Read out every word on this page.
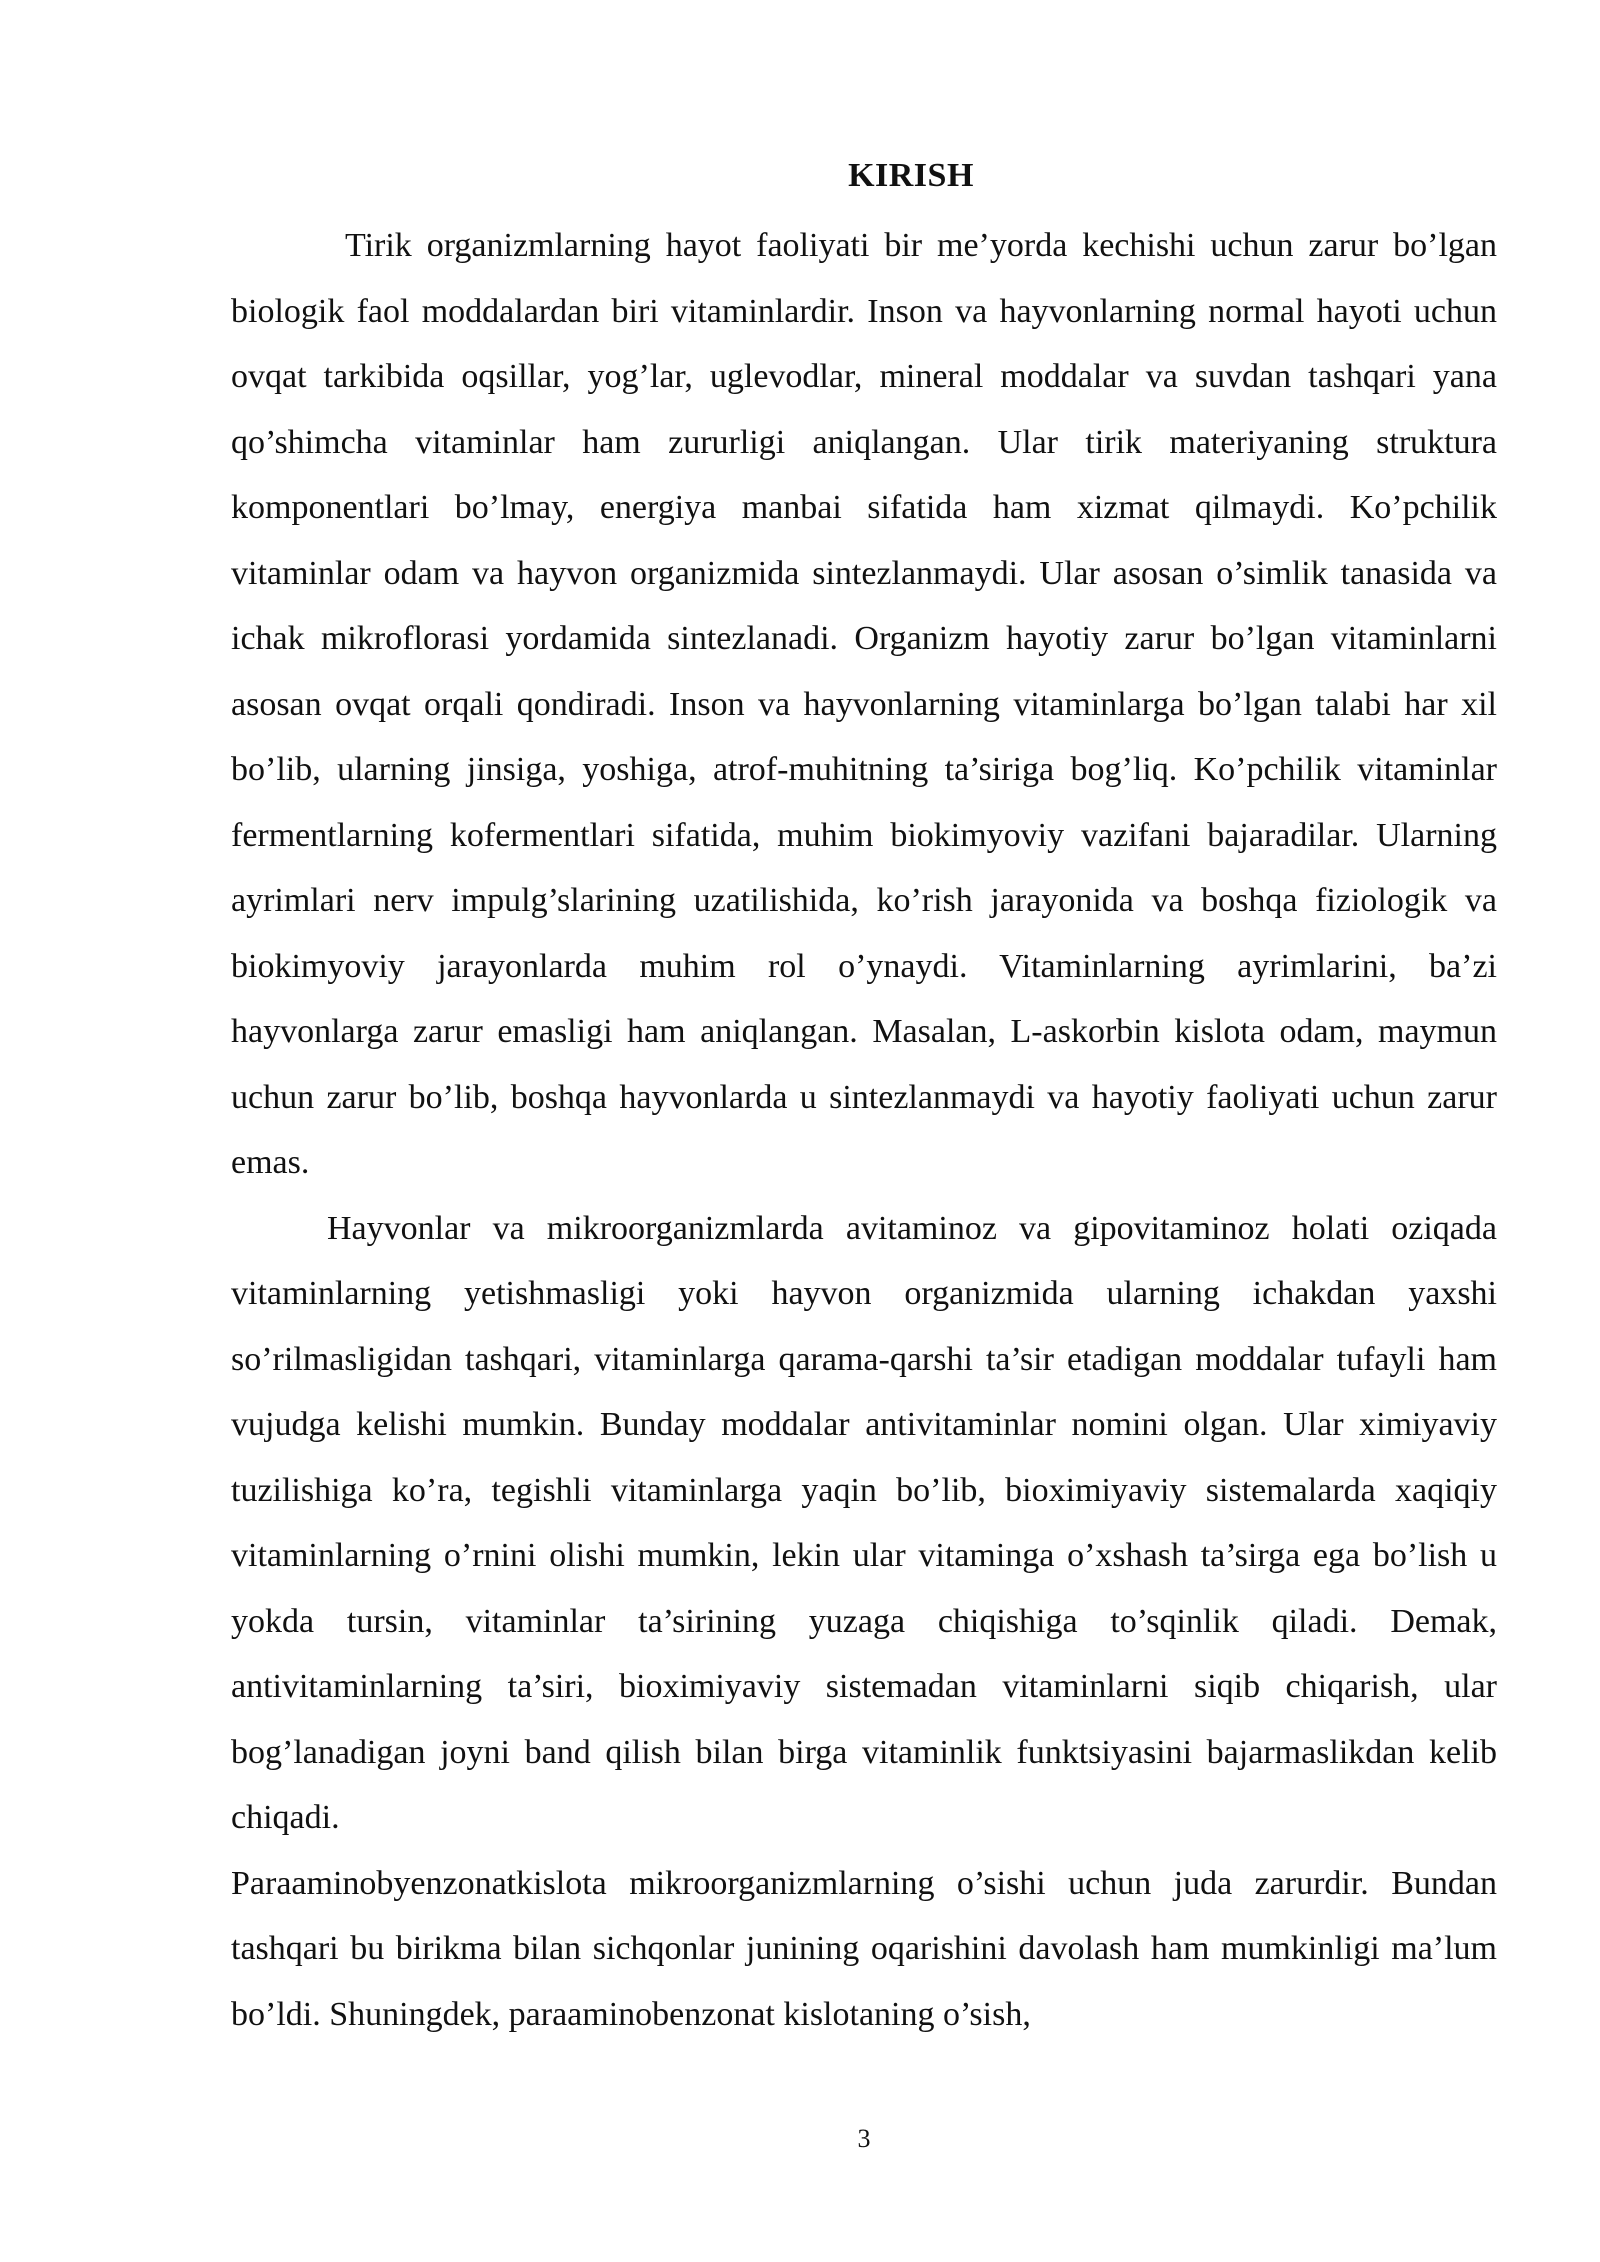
KIRISH

Tirik organizmlarning hayot faoliyati bir me’yorda kechishi uchun zarur bo’lgan biologik faol moddalardan biri vitaminlardir. Inson va hayvonlarning normal hayoti uchun ovqat tarkibida oqsillar, yog’lar, uglevodlar, mineral moddalar va suvdan tashqari yana qo’shimcha vitaminlar ham zururligi aniqlangan. Ular tirik materiyaning struktura komponentlari bo’lmay, energiya manbai sifatida ham xizmat qilmaydi. Ko’pchilik vitaminlar odam va hayvon organizmida sintezlanmaydi. Ular asosan o’simlik tanasida va ichak mikroflorasi yordamida sintezlanadi. Organizm hayotiy zarur bo’lgan vitaminlarni asosan ovqat orqali qondiradi. Inson va hayvonlarning vitaminlarga bo’lgan talabi har xil bo’lib, ularning jinsiga, yoshiga, atrof-muhitning ta’siriga bog’liq. Ko’pchilik vitaminlar fermentlarning kofermentlari sifatida, muhim biokimyoviy vazifani bajaradilar. Ularning ayrimlari nerv impulg’slarining uzatilishida, ko’rish jarayonida va boshqa fiziologik va biokimyoviy jarayonlarda muhim rol o’ynaydi. Vitaminlarning ayrimlarini, ba’zi hayvonlarga zarur emasligi ham aniqlangan. Masalan, L-askorbin kislota odam, maymun uchun zarur bo’lib, boshqa hayvonlarda u sintezlanmaydi va hayotiy faoliyati uchun zarur emas.

Hayvonlar va mikroorganizmlarda avitaminoz va gipovitaminoz holati oziqada vitaminlarning yetishmasligi yoki hayvon organizmida ularning ichakdan yaxshi so’rilmasligidan tashqari, vitaminlarga qarama-qarshi ta’sir etadigan moddalar tufayli ham vujudga kelishi mumkin. Bunday moddalar antivitaminlar nomini olgan. Ular ximiyaviy tuzilishiga ko’ra, tegishli vitaminlarga yaqin bo’lib, bioximiyaviy sistemalarda xaqiqiy vitaminlarning o’rnini olishi mumkin, lekin ular vitaminga o’xshash ta’sirga ega bo’lish u yokda tursin, vitaminlar ta’sirining yuzaga chiqishiga to’sqinlik qiladi. Demak, antivitaminlarning ta’siri, bioximiyaviy sistemadan vitaminlarni siqib chiqarish, ular bog’lanadigan joyni band qilish bilan birga vitaminlik funktsiyasini bajarmaslikdan kelib chiqadi.

Paraaminobyenzonatkislota mikroorganizmlarning o’sishi uchun juda zarurdir. Bundan tashqari bu birikma bilan sichqonlar junining oqarishini davolash ham mumkinligi ma’lum bo’ldi. Shuningdek, paraaminobenzonat kislotaning o’sish,

3
